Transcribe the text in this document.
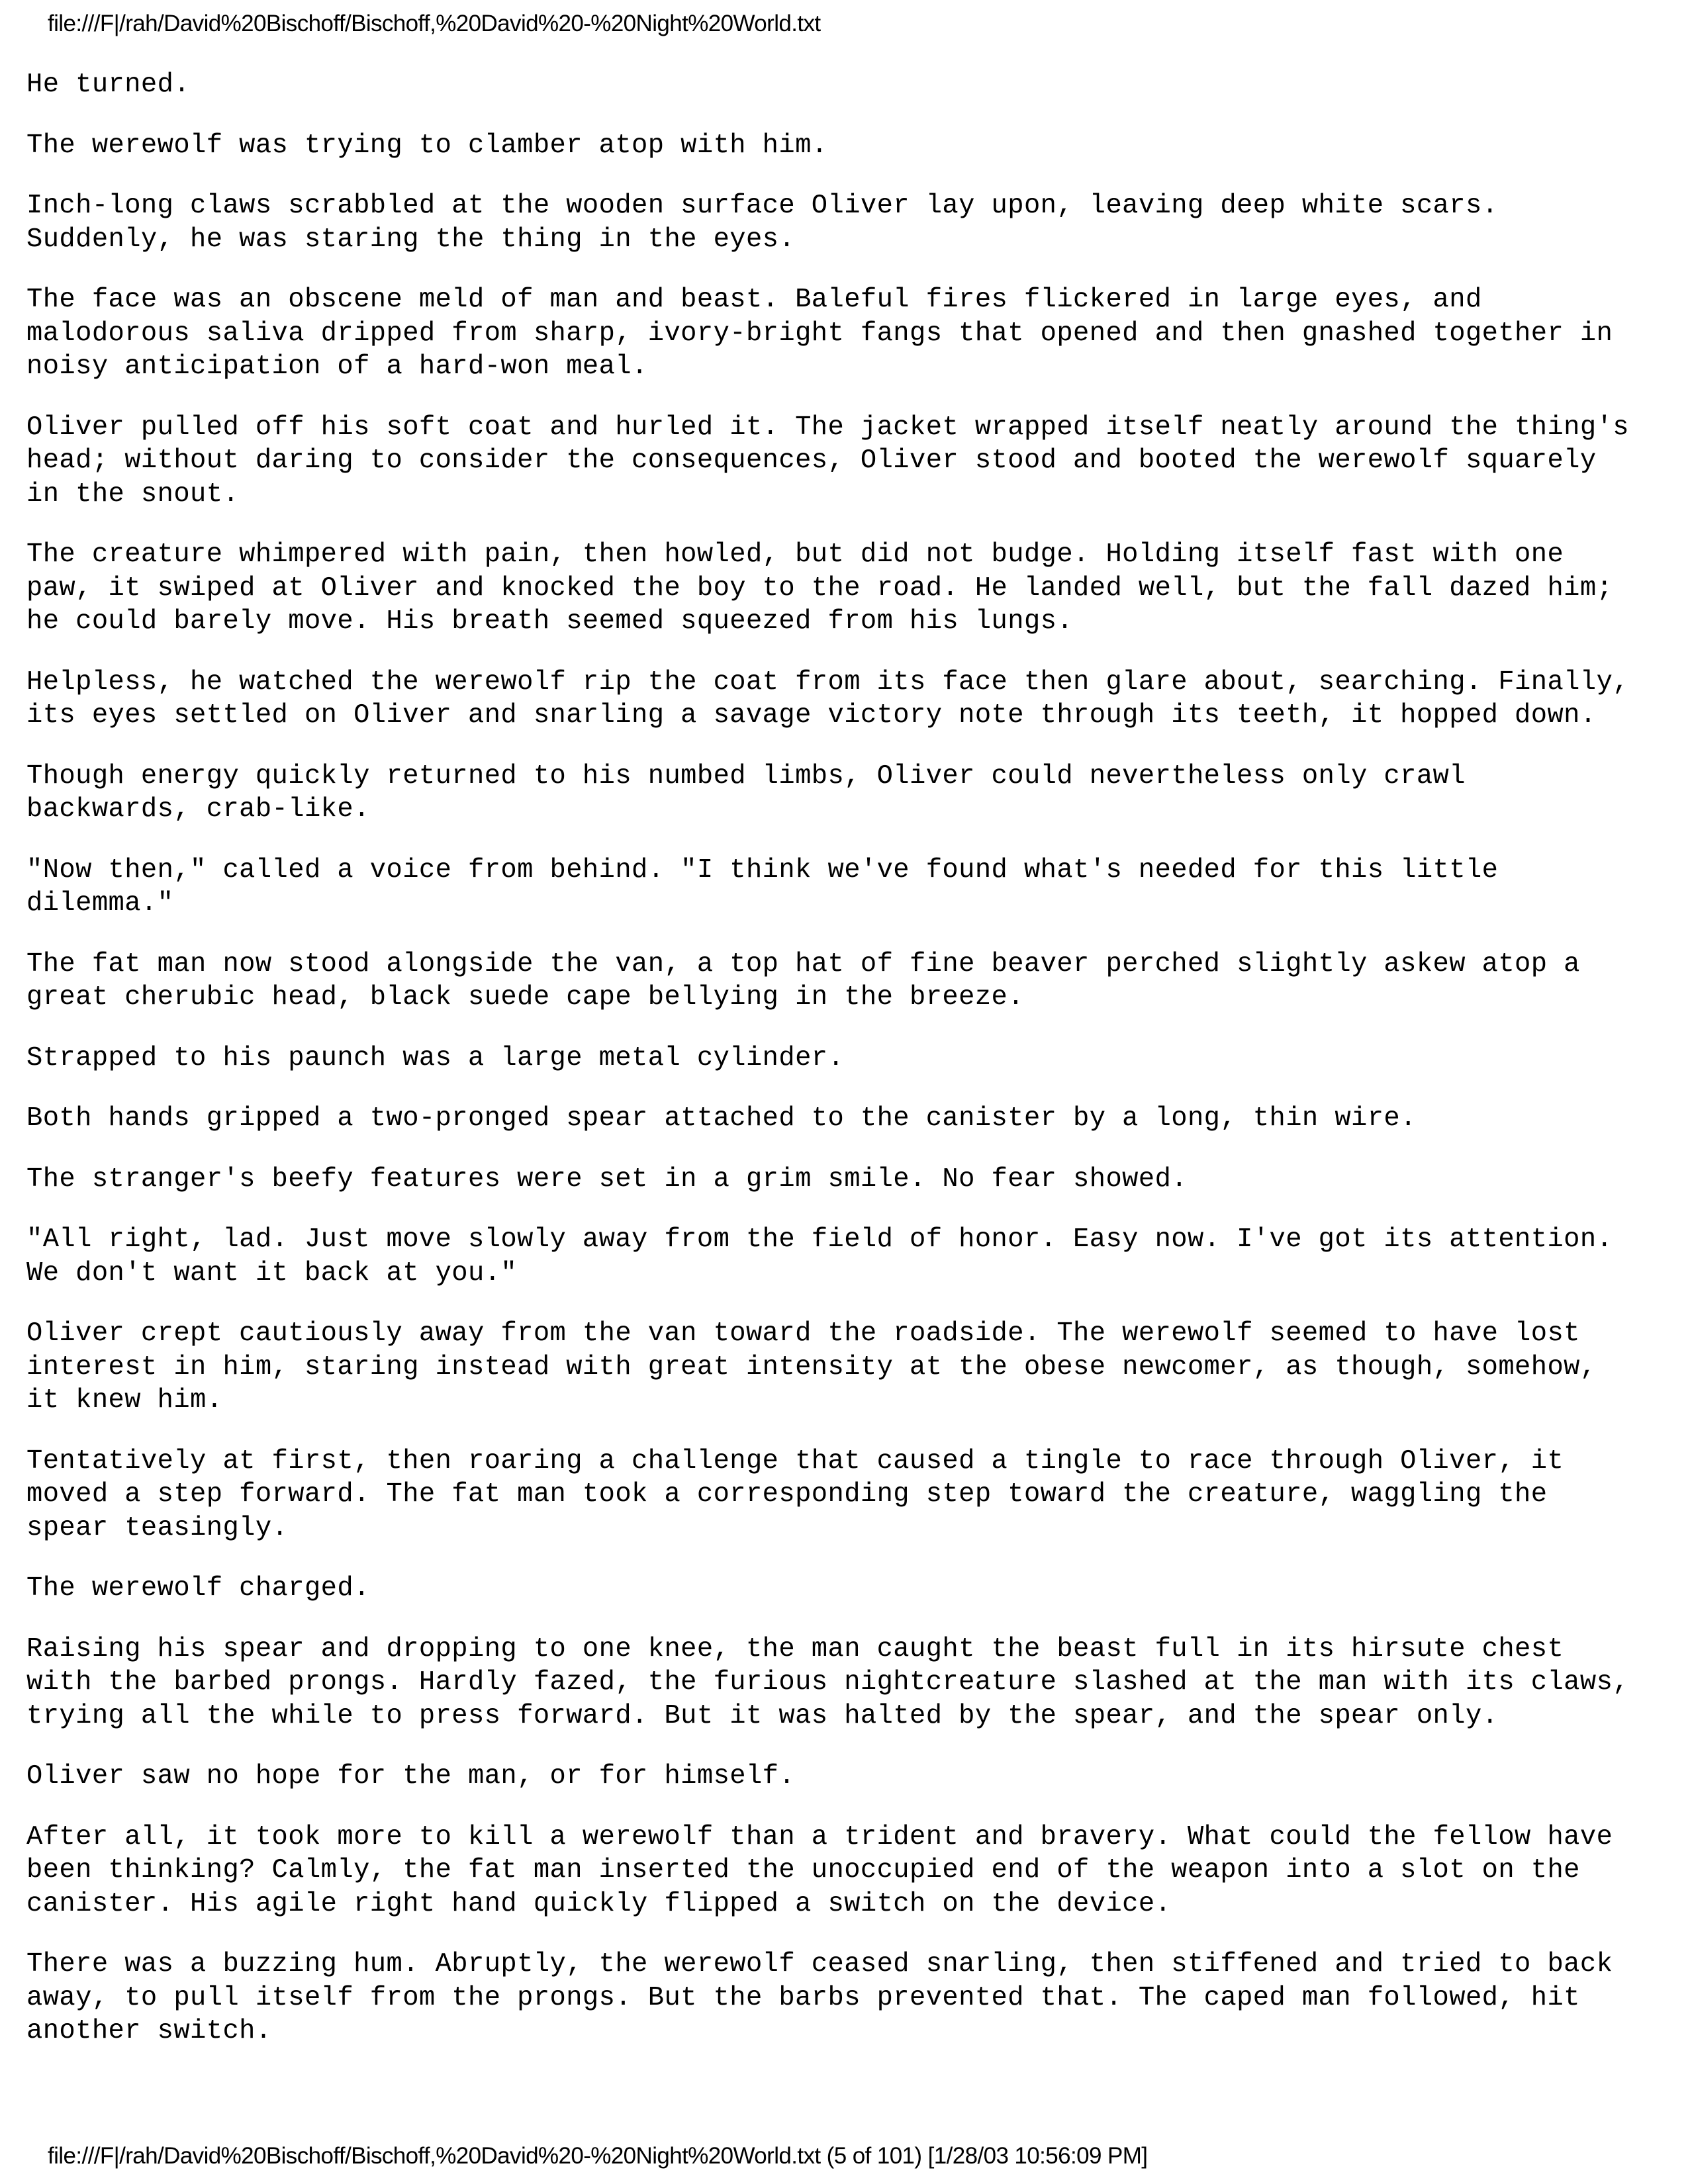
file:///F|/rah/David%20Bischoff/Bischoff,%20David%20-%20Night%20World.txt

He turned.

The werewolf was trying to clamber atop with him.

Inch-long claws scrabbled at the wooden surface Oliver lay upon, leaving deep white scars.
Suddenly, he was staring the thing in the eyes.

The face was an obscene meld of man and beast. Baleful fires flickered in large eyes, and
malodorous saliva dripped from sharp, ivory-bright fangs that opened and then gnashed together in
noisy anticipation of a hard-won meal.

Oliver pulled off his soft coat and hurled it. The jacket wrapped itself neatly around the thing's
head; without daring to consider the consequences, Oliver stood and booted the werewolf squarely
in the snout.

The creature whimpered with pain, then howled, but did not budge. Holding itself fast with one
paw, it swiped at Oliver and knocked the boy to the road. He landed well, but the fall dazed him;
he could barely move. His breath seemed squeezed from his lungs.

Helpless, he watched the werewolf rip the coat from its face then glare about, searching. Finally,
its eyes settled on Oliver and snarling a savage victory note through its teeth, it hopped down.

Though energy quickly returned to his numbed limbs, Oliver could nevertheless only crawl
backwards, crab-like.

"Now then," called a voice from behind. "I think we've found what's needed for this little
dilemma."

The fat man now stood alongside the van, a top hat of fine beaver perched slightly askew atop a
great cherubic head, black suede cape bellying in the breeze.

Strapped to his paunch was a large metal cylinder.

Both hands gripped a two-pronged spear attached to the canister by a long, thin wire.

The stranger's beefy features were set in a grim smile. No fear showed.

"All right, lad. Just move slowly away from the field of honor. Easy now. I've got its attention.
We don't want it back at you."

Oliver crept cautiously away from the van toward the roadside. The werewolf seemed to have lost
interest in him, staring instead with great intensity at the obese newcomer, as though, somehow,
it knew him.

Tentatively at first, then roaring a challenge that caused a tingle to race through Oliver, it
moved a step forward. The fat man took a corresponding step toward the creature, waggling the
spear teasingly.

The werewolf charged.

Raising his spear and dropping to one knee, the man caught the beast full in its hirsute chest
with the barbed prongs. Hardly fazed, the furious nightcreature slashed at the man with its claws,
trying all the while to press forward. But it was halted by the spear, and the spear only.

Oliver saw no hope for the man, or for himself.

After all, it took more to kill a werewolf than a trident and bravery. What could the fellow have
been thinking? Calmly, the fat man inserted the unoccupied end of the weapon into a slot on the
canister. His agile right hand quickly flipped a switch on the device.

There was a buzzing hum. Abruptly, the werewolf ceased snarling, then stiffened and tried to back
away, to pull itself from the prongs. But the barbs prevented that. The caped man followed, hit
another switch.

file:///F|/rah/David%20Bischoff/Bischoff,%20David%20-%20Night%20World.txt (5 of 101) [1/28/03 10:56:09 PM]
